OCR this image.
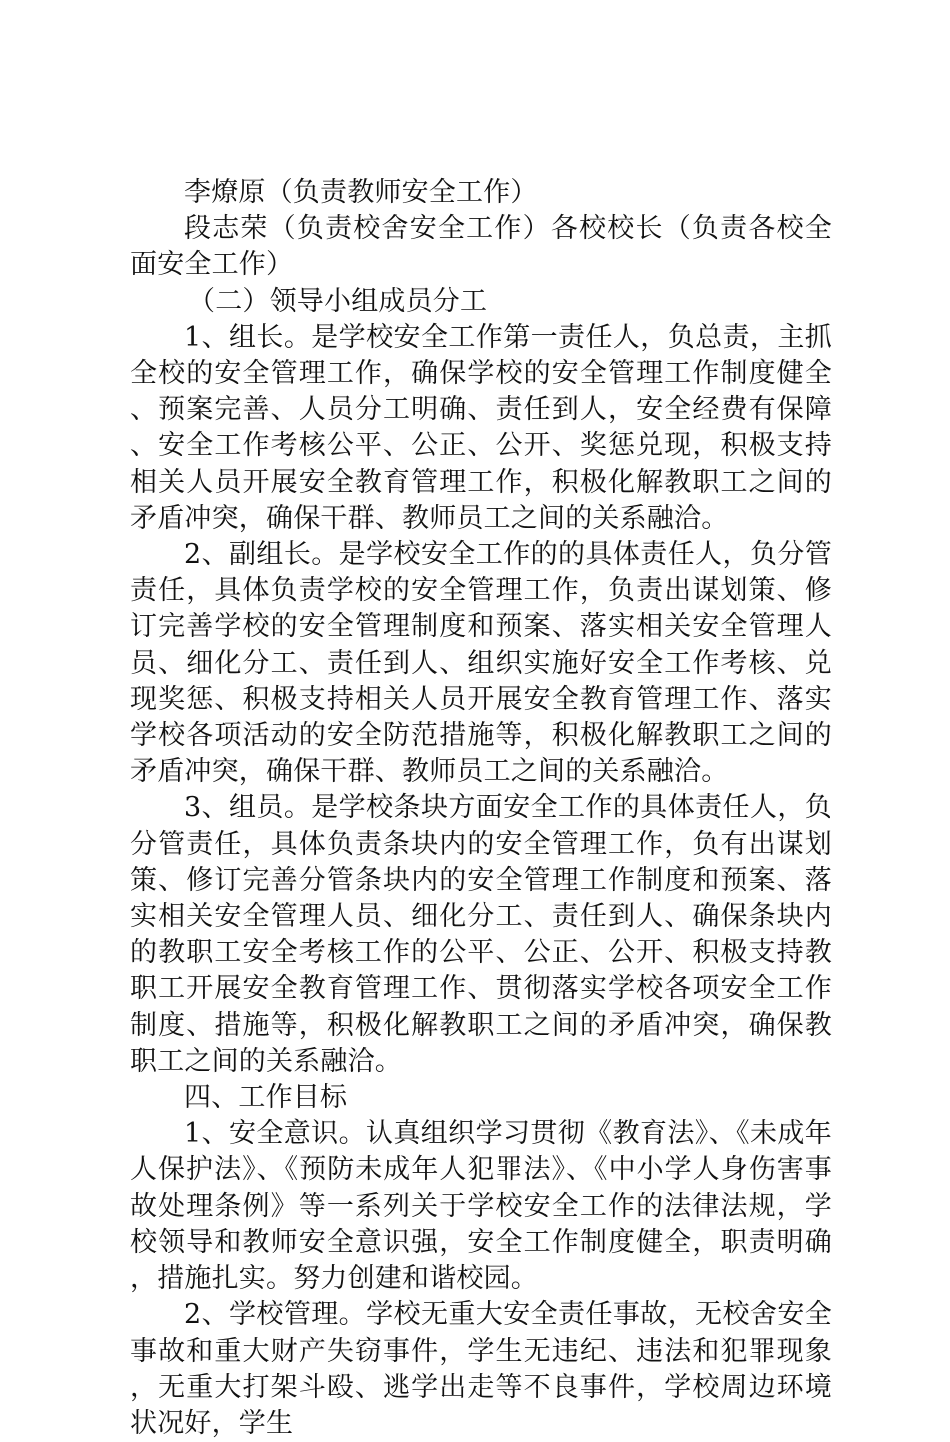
李燎原（负责教师安全工作）

段志荣（负责校舍安全工作）各校校长（负责各校全面安全工作）

（二）领导小组成员分工

1、组长。是学校安全工作第一责任人，负总责，主抓全校的安全管理工作，确保学校的安全管理工作制度健全、预案完善、人员分工明确、责任到人，安全经费有保障、安全工作考核公平、公正、公开、奖惩兑现，积极支持相关人员开展安全教育管理工作，积极化解教职工之间的矛盾冲突，确保干群、教师员工之间的关系融洽。

2、副组长。是学校安全工作的的具体责任人，负分管责任，具体负责学校的安全管理工作，负责出谋划策、修订完善学校的安全管理制度和预案、落实相关安全管理人员、细化分工、责任到人、组织实施好安全工作考核、兑现奖惩、积极支持相关人员开展安全教育管理工作、落实学校各项活动的安全防范措施等，积极化解教职工之间的矛盾冲突，确保干群、教师员工之间的关系融洽。

3、组员。是学校条块方面安全工作的具体责任人，负分管责任，具体负责条块内的安全管理工作，负有出谋划策、修订完善分管条块内的安全管理工作制度和预案、落实相关安全管理人员、细化分工、责任到人、确保条块内的教职工安全考核工作的公平、公正、公开、积极支持教职工开展安全教育管理工作、贯彻落实学校各项安全工作制度、措施等，积极化解教职工之间的矛盾冲突，确保教职工之间的关系融洽。

四、工作目标

1、安全意识。认真组织学习贯彻《教育法》、《未成年人保护法》、《预防未成年人犯罪法》、《中小学人身伤害事故处理条例》等一系列关于学校安全工作的法律法规，学校领导和教师安全意识强，安全工作制度健全，职责明确，措施扎实。努力创建和谐校园。

2、学校管理。学校无重大安全责任事故，无校舍安全事故和重大财产失窃事件，学生无违纪、违法和犯罪现象，无重大打架斗殴、逃学出走等不良事件，学校周边环境状况好，学生
